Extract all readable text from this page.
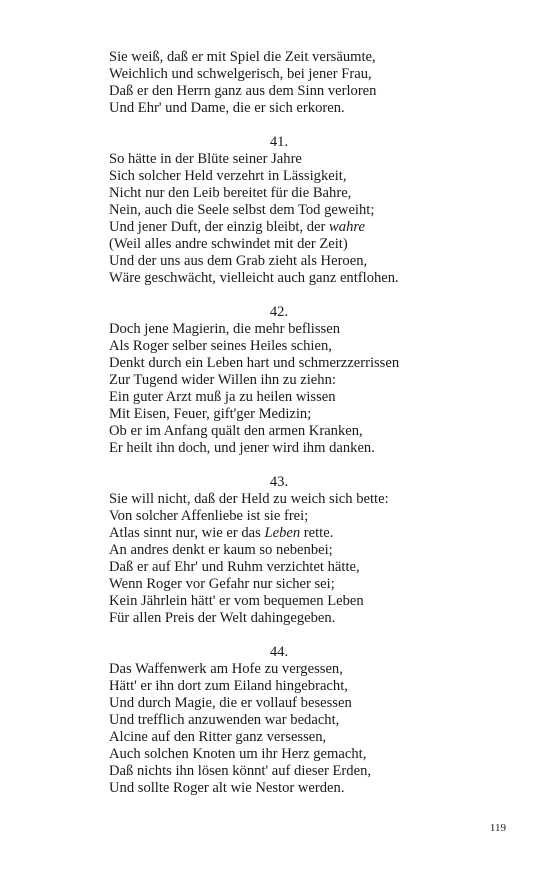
Sie weiß, daß er mit Spiel die Zeit versäumte,
Weichlich und schwelgerisch, bei jener Frau,
Daß er den Herrn ganz aus dem Sinn verloren
Und Ehr' und Dame, die er sich erkoren.
41.
So hätte in der Blüte seiner Jahre
Sich solcher Held verzehrt in Lässigkeit,
Nicht nur den Leib bereitet für die Bahre,
Nein, auch die Seele selbst dem Tod geweiht;
Und jener Duft, der einzig bleibt, der wahre
(Weil alles andre schwindet mit der Zeit)
Und der uns aus dem Grab zieht als Heroen,
Wäre geschwächt, vielleicht auch ganz entflohen.
42.
Doch jene Magierin, die mehr beflissen
Als Roger selber seines Heiles schien,
Denkt durch ein Leben hart und schmerzzerrissen
Zur Tugend wider Willen ihn zu ziehn:
Ein guter Arzt muß ja zu heilen wissen
Mit Eisen, Feuer, gift'ger Medizin;
Ob er im Anfang quält den armen Kranken,
Er heilt ihn doch, und jener wird ihm danken.
43.
Sie will nicht, daß der Held zu weich sich bette:
Von solcher Affenliebe ist sie frei;
Atlas sinnt nur, wie er das Leben rette.
An andres denkt er kaum so nebenbei;
Daß er auf Ehr' und Ruhm verzichtet hätte,
Wenn Roger vor Gefahr nur sicher sei;
Kein Jährlein hätt' er vom bequemen Leben
Für allen Preis der Welt dahingegeben.
44.
Das Waffenwerk am Hofe zu vergessen,
Hätt' er ihn dort zum Eiland hingebracht,
Und durch Magie, die er vollauf besessen
Und trefflich anzuwenden war bedacht,
Alcine auf den Ritter ganz versessen,
Auch solchen Knoten um ihr Herz gemacht,
Daß nichts ihn lösen könnt' auf dieser Erden,
Und sollte Roger alt wie Nestor werden.
119
